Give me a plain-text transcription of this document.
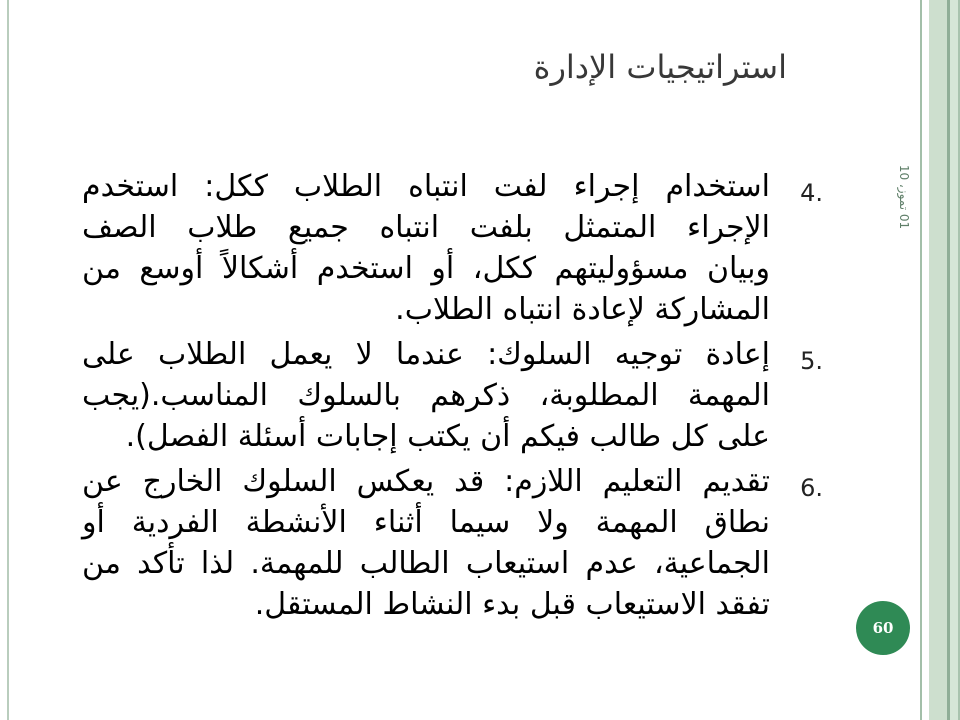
استراتيجيات الإدارة
01 تموز، 10
4.
استخدام إجراء لفت انتباه الطلاب ككل: استخدم
الإجراء المتمثل بلفت انتباه جميع طلاب الصف
وبيان مسؤوليتهم ككل، أو استخدم أشكالاً أوسع من
المشاركة لإعادة انتباه الطلاب.
5.
إعادة توجيه السلوك: عندما لا يعمل الطلاب على
المهمة المطلوبة، ذكرهم بالسلوك المناسب.(يجب
على كل طالب فيكم أن يكتب إجابات أسئلة الفصل).
6.
تقديم التعليم اللازم: قد يعكس السلوك الخارج عن
نطاق المهمة ولا سيما أثناء الأنشطة الفردية أو
الجماعية، عدم استيعاب الطالب للمهمة. لذا تأكد من
تفقد الاستيعاب قبل بدء النشاط المستقل.
60
